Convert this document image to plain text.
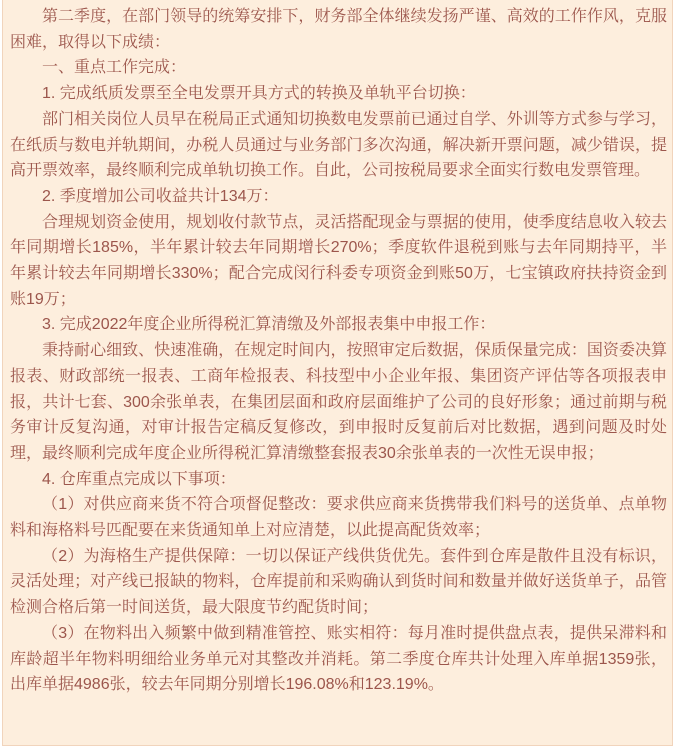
第二季度，在部门领导的统筹安排下，财务部全体继续发扬严谨、高效的工作作风，克服困难，取得以下成绩：

一、重点工作完成：

1. 完成纸质发票至全电发票开具方式的转换及单轨平台切换：

部门相关岗位人员早在税局正式通知切换数电发票前已通过自学、外训等方式参与学习，在纸质与数电并轨期间，办税人员通过与业务部门多次沟通，解决新开票问题，减少错误，提高开票效率，最终顺利完成单轨切换工作。自此，公司按税局要求全面实行数电发票管理。

2. 季度增加公司收益共计134万：

合理规划资金使用，规划收付款节点，灵活搭配现金与票据的使用，使季度结息收入较去年同期增长185%，半年累计较去年同期增长270%；季度软件退税到账与去年同期持平，半年累计较去年同期增长330%；配合完成闵行科委专项资金到账50万，七宝镇政府扶持资金到账19万；

3. 完成2022年度企业所得税汇算清缴及外部报表集中申报工作：

秉持耐心细致、快速准确，在规定时间内，按照审定后数据，保质保量完成：国资委决算报表、财政部统一报表、工商年检报表、科技型中小企业年报、集团资产评估等各项报表申报，共计七套、300余张单表，在集团层面和政府层面维护了公司的良好形象；通过前期与税务审计反复沟通，对审计报告定稿反复修改，到申报时反复前后对比数据，遇到问题及时处理，最终顺利完成年度企业所得税汇算清缴整套报表30余张单表的一次性无误申报；

4. 仓库重点完成以下事项：

（1）对供应商来货不符合项督促整改：要求供应商来货携带我们料号的送货单、点单物料和海格料号匹配要在来货通知单上对应清楚，以此提高配货效率；

（2）为海格生产提供保障：一切以保证产线供货优先。套件到仓库是散件且没有标识，灵活处理；对产线已报缺的物料，仓库提前和采购确认到货时间和数量并做好送货单子，品管检测合格后第一时间送货，最大限度节约配货时间；

（3）在物料出入频繁中做到精准管控、账实相符：每月准时提供盘点表，提供呆滞料和库龄超半年物料明细给业务单元对其整改并消耗。第二季度仓库共计处理入库单据1359张，出库单据4986张，较去年同期分别增长196.08%和123.19%。
